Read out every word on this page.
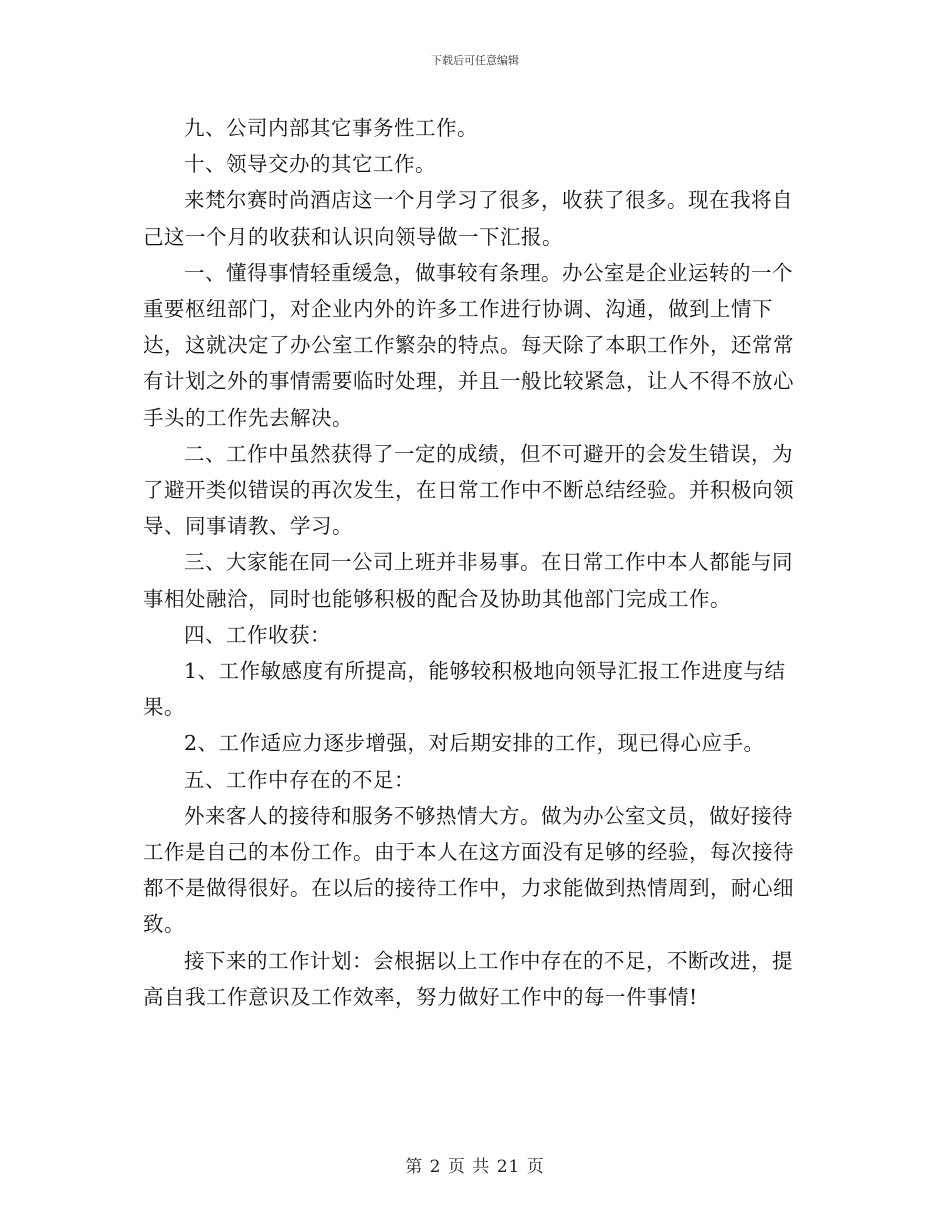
下载后可任意编辑

九、公司内部其它事务性工作。

十、领导交办的其它工作。

来梵尔赛时尚酒店这一个月学习了很多，收获了很多。现在我将自己这一个月的收获和认识向领导做一下汇报。

一、懂得事情轻重缓急，做事较有条理。办公室是企业运转的一个重要枢纽部门，对企业内外的许多工作进行协调、沟通，做到上情下达，这就决定了办公室工作繁杂的特点。每天除了本职工作外，还常常有计划之外的事情需要临时处理，并且一般比较紧急，让人不得不放心手头的工作先去解决。

二、工作中虽然获得了一定的成绩，但不可避开的会发生错误，为了避开类似错误的再次发生，在日常工作中不断总结经验。并积极向领导、同事请教、学习。

三、大家能在同一公司上班并非易事。在日常工作中本人都能与同事相处融洽，同时也能够积极的配合及协助其他部门完成工作。

四、工作收获：

1、工作敏感度有所提高，能够较积极地向领导汇报工作进度与结果。

2、工作适应力逐步增强，对后期安排的工作，现已得心应手。

五、工作中存在的不足：

外来客人的接待和服务不够热情大方。做为办公室文员，做好接待工作是自己的本份工作。由于本人在这方面没有足够的经验，每次接待都不是做得很好。在以后的接待工作中，力求能做到热情周到，耐心细致。

接下来的工作计划：会根据以上工作中存在的不足，不断改进，提高自我工作意识及工作效率，努力做好工作中的每一件事情!

第 2 页 共 21 页
